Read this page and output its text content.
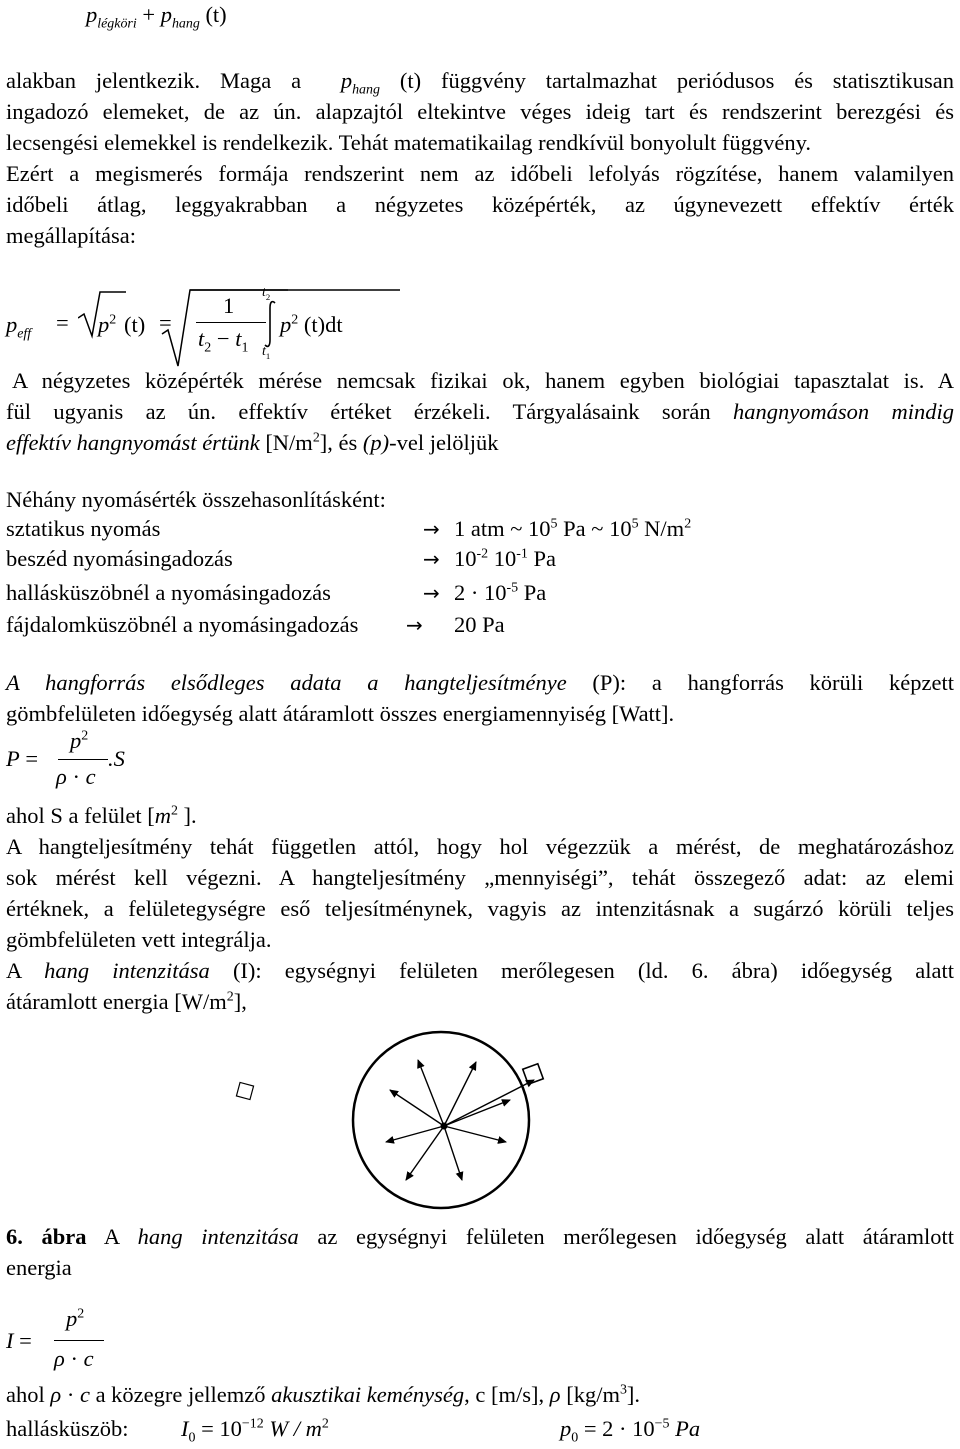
$p_{légköri} + p_{hang}$ (t)
alakban jelentkezik. Maga a $p_{hang}$ (t) függvény tartalmazhat periódusos és statisztikusan
ingadozó elemeket, de az ún. alapzajtól eltekintve véges ideig tart és rendszerint berezgési és
lecsengési elemekkel is rendelkezik. Tehát matematikailag rendkívül bonyolult függvény.
Ezért a megismerés formája rendszerint nem az időbeli lefolyás rögzítése, hanem valamilyen
időbeli átlag, leggyakrabban a négyzetes középérték, az úgynevezett effektív érték
megállapítása:
$p_{eff} = p^2$ (t) =
1
$t_2 - t_1$
$t_2$
$t_1$
$p^2$ (t)dt
A négyzetes középérték mérése nemcsak fizikai ok, hanem egyben biológiai tapasztalat is. A
fül ugyanis az ún. effektív értéket érzékeli. Tárgyalásaink során hangnyomáson mindig
effektív hangnyomást értünk $[N/m^2]$, és (p)-vel jelöljük
Néhány nyomásérték összehasonlításként:
sztatikus nyomás	→ 1 atm ~ $10^5$ Pa ~ $10^5$ $N/m^2$
beszéd nyomásingadozás	→ $10^{-2}$ $10^{-1}$ Pa
hallásküszöbnél a nyomásingadozás	→ $2 \cdot 10^{-5}$ Pa
fájdalomküszöbnél a nyomásingadozás → 20 Pa
A hangforrás elsődleges adata a hangteljesítménye (P): a hangforrás körüli képzett
gömbfelületen időegység alatt átáramlott összes energiamennyiség [Watt].
P =
$p^2$
ρ · c
.S
ahol S a felület [$m^2$ ].
A hangteljesítmény tehát független attól, hogy hol végezzük a mérést, de meghatározáshoz
sok mérést kell végezni. A hangteljesítmény „mennyiségi”, tehát összegező adat: az elemi
értéknek, a felületegységre eső teljesítménynek, vagyis az intenzitásnak a sugárzó körüli teljes
gömbfelületen vett integrálja.
A hang intenzitása (I): egységnyi felületen merőlegesen (ld. 6. ábra) időegység alatt
átáramlott energia $[W/m^2]$,
6. ábra A hang intenzitása az egységnyi felületen merőlegesen időegység alatt átáramlott
energia
I =
$p^2$
ρ · c
ahol ρ · c a közegre jellemző akusztikai keménység, c [m/s], ρ $[kg/m^3]$.
hallásküszöb: $I_0 = 10^{-12}$ W / $m^2$	$p_0 = 2 \cdot 10^{-5}$ Pa
